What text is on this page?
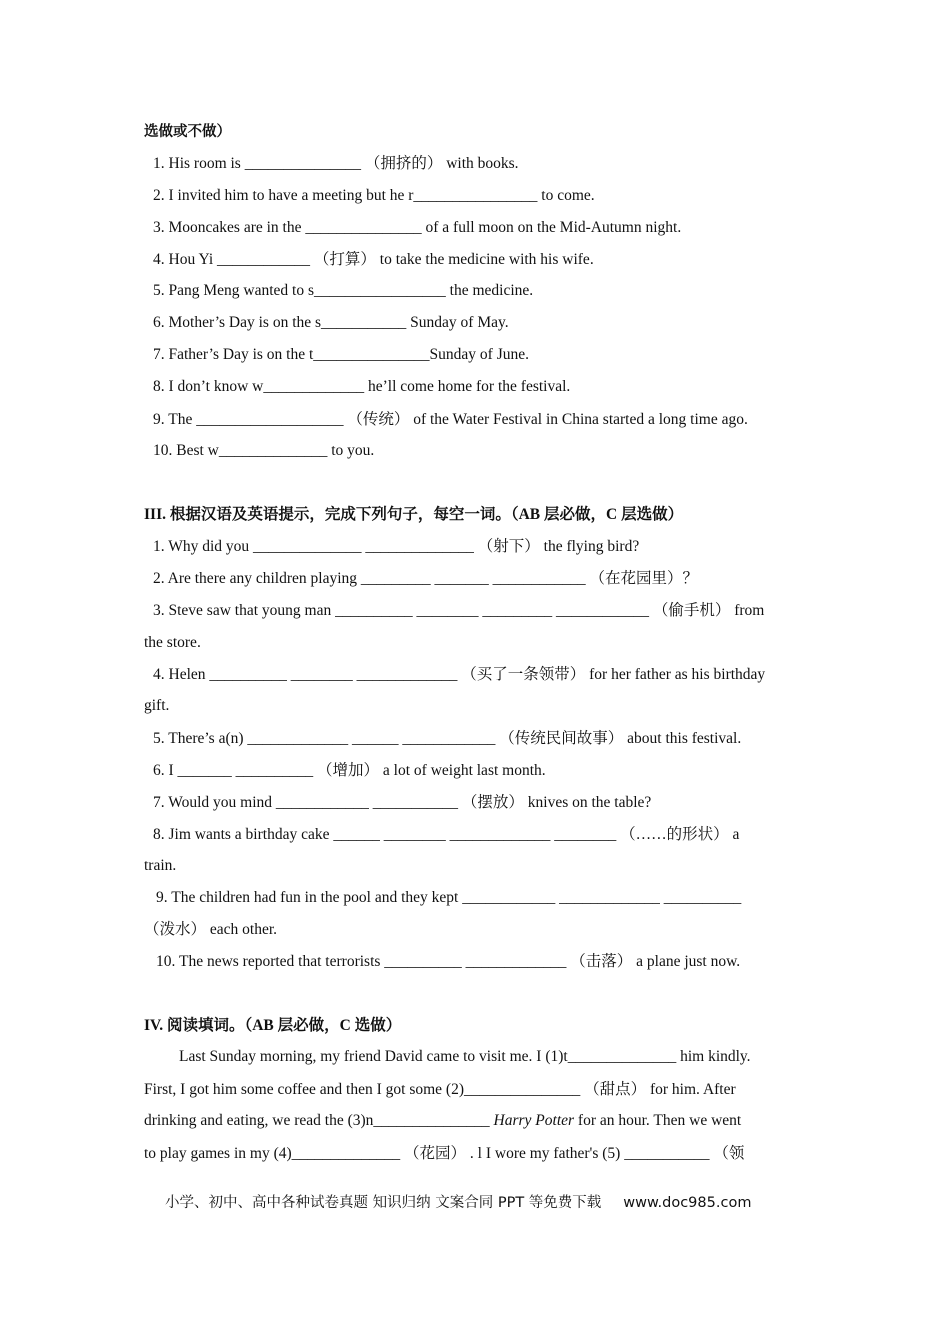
选做或不做）
1. His room is _______________ （拥挤的） with books.
2. I invited him to have a meeting but he r________________ to come.
3. Mooncakes are in the _______________ of a full moon on the Mid-Autumn night.
4. Hou Yi ____________ （打算） to take the medicine with his wife.
5. Pang Meng wanted to s_________________ the medicine.
6. Mother’s Day is on the s___________ Sunday of May.
7. Father’s Day is on the t_______________Sunday of June.
8. I don’t know w_____________ he’ll come home for the festival.
9. The ___________________ （传统） of the Water Festival in China started a long time ago.
10. Best w______________ to you.
III. 根据汉语及英语提示，完成下列句子，每空一词。（AB 层必做，C 层选做）
1. Why did you ______________ ______________ （射下） the flying bird?
2. Are there any children playing _________ _______ ____________ （在花园里）？
3. Steve saw that young man __________ ________ _________ ____________ （偷手机） from
the store.
4. Helen __________ ________ _____________ （买了一条领带） for her father as his birthday
gift.
5. There’s a(n) _____________ ______ ____________ （传统民间故事） about this festival.
6. I _______ __________ （增加） a lot of weight last month.
7. Would you mind ____________ ___________ （摆放） knives on the table?
8. Jim wants a birthday cake ______ ________ _____________ ________ （……的形状） a
train.
9. The children had fun in the pool and they kept ____________ _____________ __________
（泼水） each other.
10. The news reported that terrorists __________ _____________ （击落） a plane just now.
IV. 阅读填词。（AB 层必做，C 选做）
Last Sunday morning, my friend David came to visit me. I (1)t______________ him kindly.
First, I got him some coffee and then I got some (2)_______________ （甜点） for him. After
drinking and eating, we read the (3)n_______________ Harry Potter for an hour. Then we went
to play games in my (4)______________ （花园） . l I wore my father's (5) ___________ （领
小学、初中、高中各种试卷真题 知识归纳 文案合同 PPT 等免费下载 www.doc985.com
